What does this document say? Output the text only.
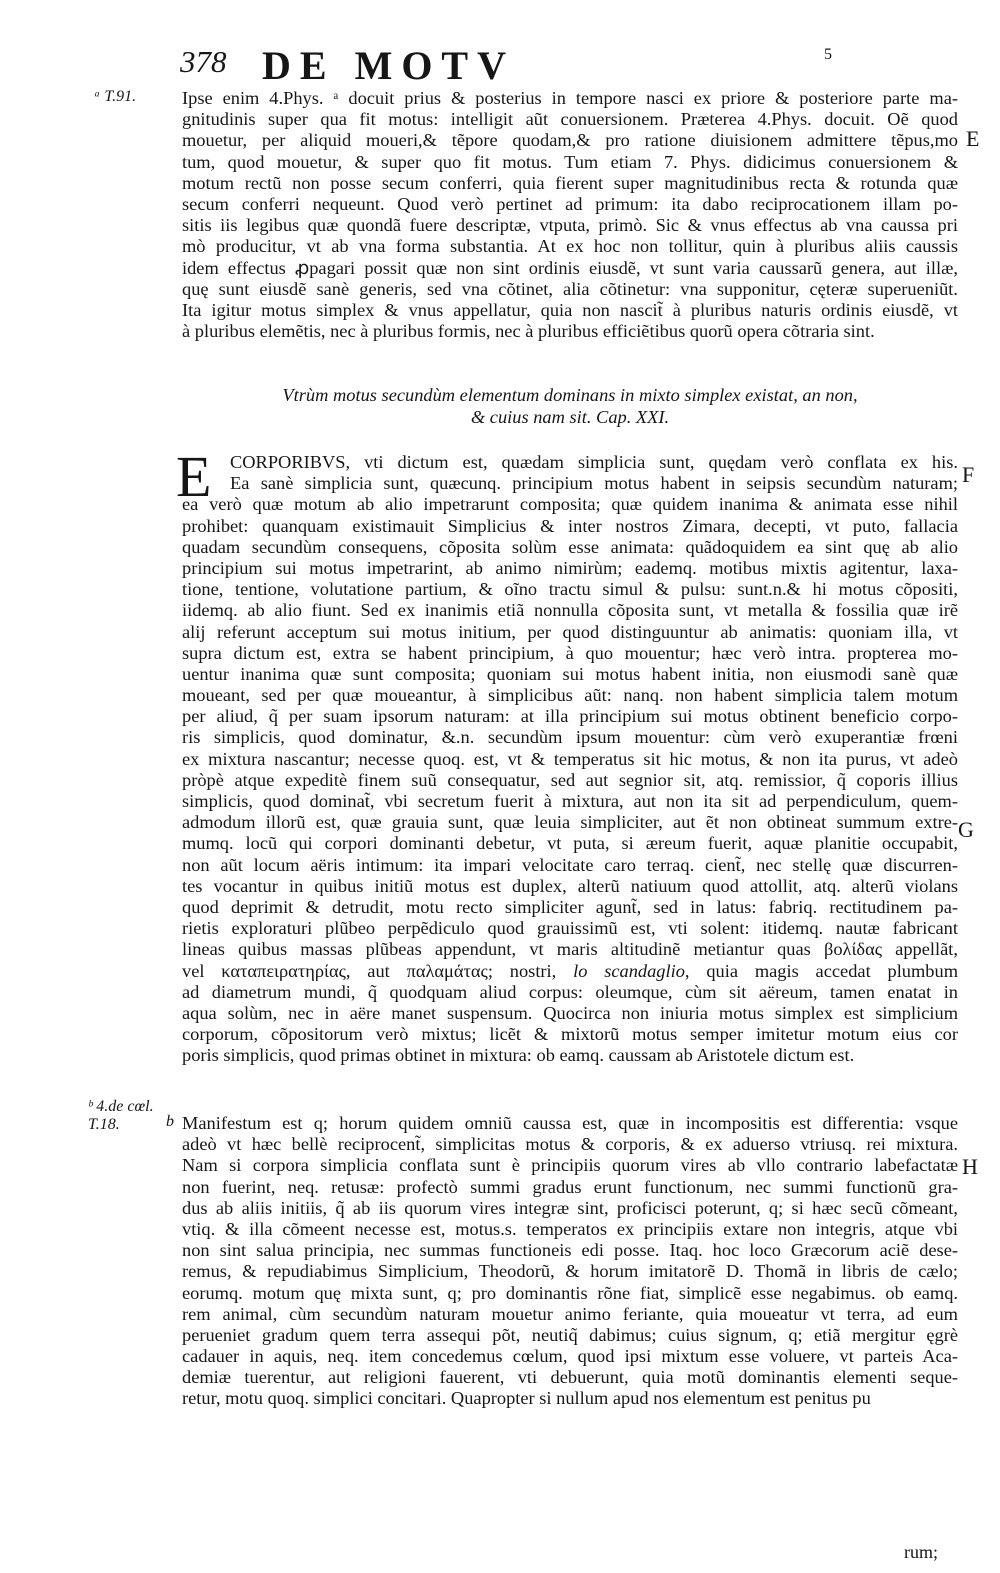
378 DE MOTV	5
ᵃ T.91.
ᵇ 4.de cœl. T.18.	b
E
F
G
H
Ipse enim 4.Phys. ᵃ docuit prius & posterius in tempore nasci ex priore & posteriore parte ma-
gnitudinis super qua fit motus: intelligit aũt conuersionem. Præterea 4.Phys. docuit. Oẽ quod
mouetur, per aliquid moueri,& tẽpore quodam,& pro ratione diuisionem admittere tẽpus,mo
tum, quod mouetur, & super quo fit motus. Tum etiam 7. Phys. didicimus conuersionem &
motum rectũ non posse secum conferri, quia fierent super magnitudinibus recta & rotunda quæ
secum conferri nequeunt. Quod verò pertinet ad primum: ita dabo reciprocationem illam po-
sitis iis legibus quæ quondã fuere descriptæ, vtputa, primò. Sic & vnus effectus ab vna caussa pri
mò producitur, vt ab vna forma substantia. At ex hoc non tollitur, quin à pluribus aliis caussis
idem effectus ꝓpagari possit quæ non sint ordinis eiusdẽ, vt sunt varia caussarũ genera, aut illæ,
quę sunt eiusdẽ sanè generis, sed vna cõtinet, alia cõtinetur: vna supponitur, cęteræ superueniũt.
Ita igitur motus simplex & vnus appellatur, quia non nascit̃ à pluribus naturis ordinis eiusdẽ, vt
à pluribus elemẽtis, nec à pluribus formis, nec à pluribus efficiẽtibus quorũ opera cõtraria sint.
Vtrùm motus secundùm elementum dominans in mixto simplex existat, an non,
& cuius nam sit. Cap. XXI.
E	CORPORIBVS, vti dictum est, quædam simplicia sunt, quędam verò conflata ex his.
Ea sanè simplicia sunt, quæcunq. principium motus habent in seipsis secundùm naturam;
ea verò quæ motum ab alio impetrarunt composita; quæ quidem inanima & animata esse nihil
prohibet: quanquam existimauit Simplicius & inter nostros Zimara, decepti, vt puto, fallacia
quadam secundùm consequens, cõposita solùm esse animata: quãdoquidem ea sint quę ab alio
principium sui motus impetrarint, ab animo nimirùm; eademq. motibus mixtis agitentur, laxa-
tione, tentione, volutatione partium, & oĩno tractu simul & pulsu: sunt.n.& hi motus cõpositi,
iidemq. ab alio fiunt. Sed ex inanimis etiã nonnulla cõposita sunt, vt metalla & fossilia quæ irẽ
alij referunt acceptum sui motus initium, per quod distinguuntur ab animatis: quoniam illa, vt
supra dictum est, extra se habent principium, à quo mouentur; hæc verò intra. propterea mo-
uentur inanima quæ sunt composita; quoniam sui motus habent initia, non eiusmodi sanè quæ
moueant, sed per quæ moueantur, à simplicibus aũt: nanq. non habent simplicia talem motum
per aliud, q̃ per suam ipsorum naturam: at illa principium sui motus obtinent beneficio corpo-
ris simplicis, quod dominatur, &.n. secundùm ipsum mouentur: cùm verò exuperantiæ frœni
ex mixtura nascantur; necesse quoq. est, vt & temperatus sit hic motus, & non ita purus, vt adeò
pròpè atque expeditè finem suũ consequatur, sed aut segnior sit, atq. remissior, q̃ coporis illius
simplicis, quod dominat̃, vbi secretum fuerit à mixtura, aut non ita sit ad perpendiculum, quem-
admodum illorũ est, quæ grauia sunt, quæ leuia simpliciter, aut ẽt non obtineat summum extre-
mumq. locũ qui corpori dominanti debetur, vt puta, si æreum fuerit, aquæ planitie occupabit,
non aũt locum aëris intimum: ita impari velocitate caro terraq. cient̃, nec stellę quæ discurren-
tes vocantur in quibus initiũ motus est duplex, alterũ natiuum quod attollit, atq. alterũ violans
quod deprimit & detrudit, motu recto simpliciter agunt̃, sed in latus: fabriq. rectitudinem pa-
rietis exploraturi plũbeo perpẽdiculo quod grauissimũ est, vti solent: itidemq. nautæ fabricant
lineas quibus massas plũbeas appendunt, vt maris altitudinẽ metiantur quas βολίδας appellãt,
vel καταπειρατηρίας, aut παλαμάτας; nostri, lo scandaglio, quia magis accedat plumbum
ad diametrum mundi, q̃ quodquam aliud corpus: oleumque, cùm sit aëreum, tamen enatat in
aqua solùm, nec in aëre manet suspensum. Quocirca non iniuria motus simplex est simplicium
corporum, cõpositorum verò mixtus; licẽt & mixtorũ motus semper imitetur motum eius cor
poris simplicis, quod primas obtinet in mixtura: ob eamq. caussam ab Aristotele dictum est.
Manifestum est q; horum quidem omniũ caussa est, quæ in incompositis est differentia: vsque
adeò vt hæc bellè reciprocent̃, simplicitas motus & corporis, & ex aduerso vtriusq. rei mixtura.
Nam si corpora simplicia conflata sunt è principiis quorum vires ab vllo contrario labefactatæ
non fuerint, neq. retusæ: profectò summi gradus erunt functionum, nec summi functionũ gra-
dus ab aliis initiis, q̃ ab iis quorum vires integræ sint, proficisci poterunt, q; si hæc secũ cõmeant,
vtiq. & illa cõmeent necesse est, motus.s. temperatos ex principiis extare non integris, atque vbi
non sint salua principia, nec summas functioneis edi posse. Itaq. hoc loco Græcorum aciẽ dese-
remus, & repudiabimus Simplicium, Theodorũ, & horum imitatorẽ D. Thomã in libris de cælo;
eorumq. motum quę mixta sunt, q; pro dominantis rõne fiat, simplicẽ esse negabimus. ob eamq.
rem animal, cùm secundùm naturam mouetur animo feriante, quia moueatur vt terra, ad eum
perueniet gradum quem terra assequi põt, neutiq̃ dabimus; cuius signum, q; etiã mergitur ęgrè
cadauer in aquis, neq. item concedemus cœlum, quod ipsi mixtum esse voluere, vt parteis Aca-
demiæ tuerentur, aut religioni fauerent, vti debuerunt, quia motũ dominantis elementi seque-
retur, motu quoq. simplici concitari. Quapropter si nullum apud nos elementum est penitus pu
rum;
